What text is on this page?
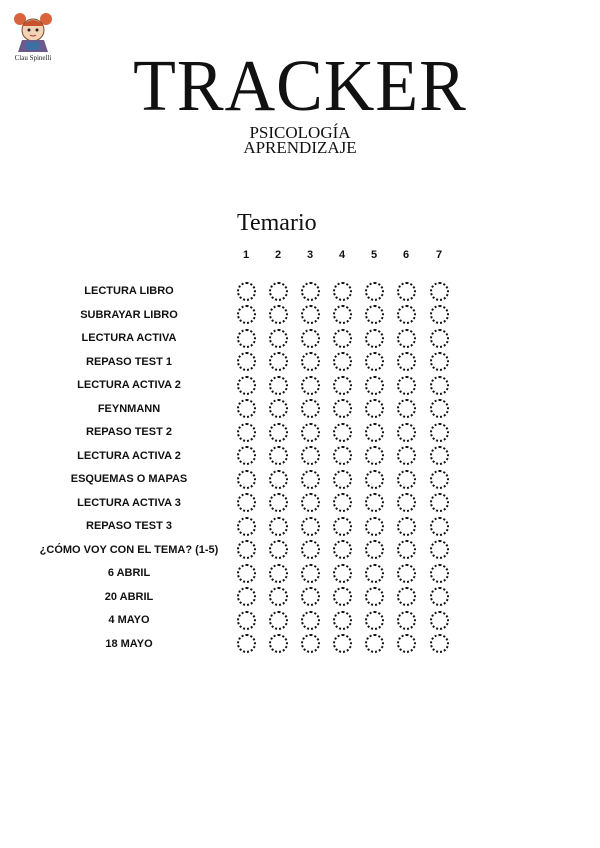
Clau Spinelli	TRACKER
PSICOLOGÍA
APRENDIZAJE
Temario
1	2	3	4	5	6	7
LECTURA LIBRO
SUBRAYAR LIBRO
LECTURA ACTIVA
REPASO TEST 1
LECTURA ACTIVA 2
FEYNMANN
REPASO TEST 2
LECTURA ACTIVA 2
ESQUEMAS O MAPAS
LECTURA ACTIVA 3
REPASO TEST 3
¿CÓMO VOY CON EL TEMA? (1-5)
6 ABRIL
20 ABRIL
4 MAYO
18 MAYO
